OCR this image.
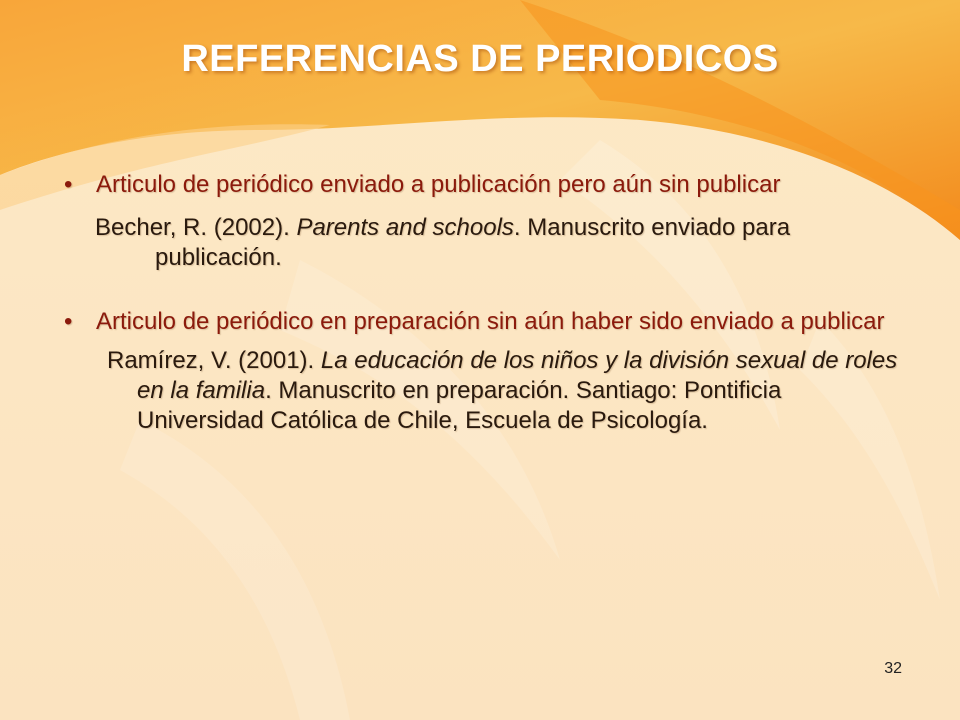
REFERENCIAS DE PERIODICOS
• Articulo de periódico enviado a publicación pero aún sin publicar
Becher, R. (2002). Parents and schools. Manuscrito enviado para publicación.
• Articulo de periódico en preparación sin aún haber sido enviado a publicar
Ramírez, V. (2001). La educación de los niños y la división sexual de roles en la familia. Manuscrito en preparación. Santiago: Pontificia Universidad Católica de Chile, Escuela de Psicología.
32
